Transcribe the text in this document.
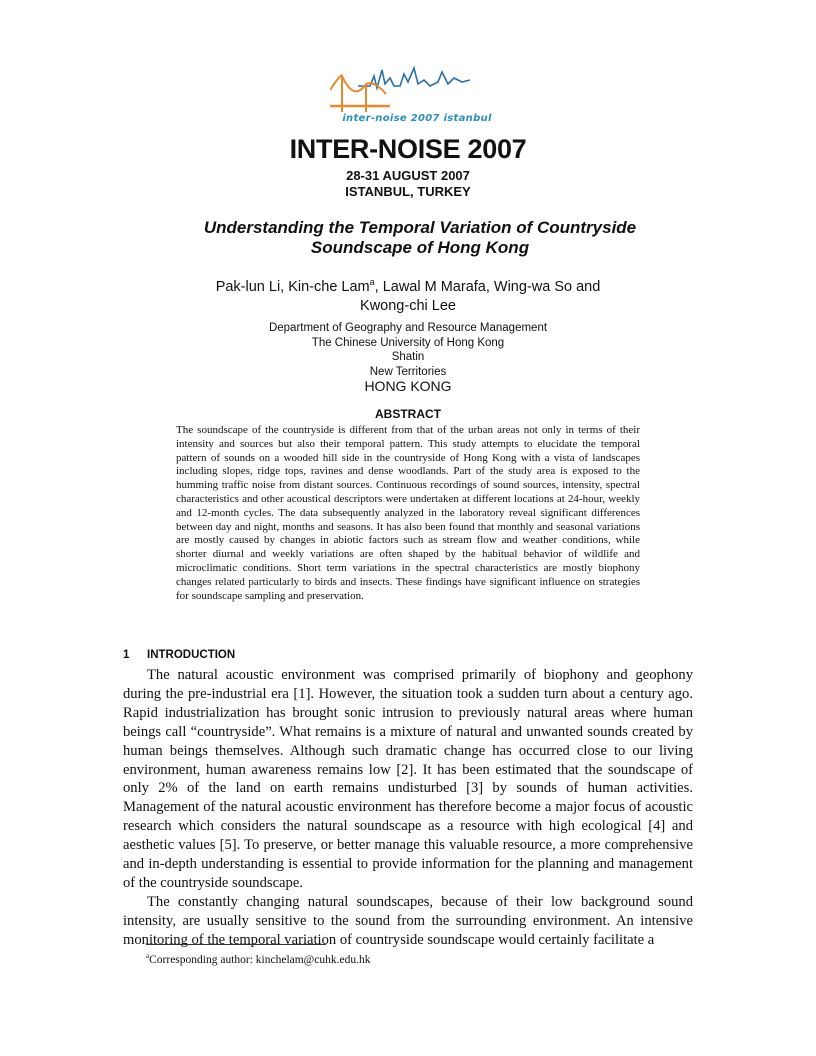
inter-noise 2007 istanbul
INTER-NOISE 2007
28-31 AUGUST 2007
ISTANBUL, TURKEY
Understanding the Temporal Variation of Countryside
Soundscape of Hong Kong
Pak-lun Li, Kin-che Lam$^a$, Lawal M Marafa, Wing-wa So and
Kwong-chi Lee
Department of Geography and Resource Management
The Chinese University of Hong Kong
Shatin
New Territories
HONG KONG
ABSTRACT
The soundscape of the countryside is different from that of the urban areas not only in terms of their intensity and sources but also their temporal pattern. This study attempts to elucidate the temporal pattern of sounds on a wooded hill side in the countryside of Hong Kong with a vista of landscapes including slopes, ridge tops, ravines and dense woodlands. Part of the study area is exposed to the humming traffic noise from distant sources. Continuous recordings of sound sources, intensity, spectral characteristics and other acoustical descriptors were undertaken at different locations at 24-hour, weekly and 12-month cycles. The data subsequently analyzed in the laboratory reveal significant differences between day and night, months and seasons. It has also been found that monthly and seasonal variations are mostly caused by changes in abiotic factors such as stream flow and weather conditions, while shorter diurnal and weekly variations are often shaped by the habitual behavior of wildlife and microclimatic conditions. Short term variations in the spectral characteristics are mostly biophony changes related particularly to birds and insects. These findings have significant influence on strategies for soundscape sampling and preservation.
1 INTRODUCTION

The natural acoustic environment was comprised primarily of biophony and geophony during the pre-industrial era [1]. However, the situation took a sudden turn about a century ago. Rapid industrialization has brought sonic intrusion to previously natural areas where human beings call “countryside”. What remains is a mixture of natural and unwanted sounds created by human beings themselves. Although such dramatic change has occurred close to our living environment, human awareness remains low [2]. It has been estimated that the soundscape of only 2% of the land on earth remains undisturbed [3] by sounds of human activities. Management of the natural acoustic environment has therefore become a major focus of acoustic research which considers the natural soundscape as a resource with high ecological [4] and aesthetic values [5]. To preserve, or better manage this valuable resource, a more comprehensive and in-depth understanding is essential to provide information for the planning and management of the countryside soundscape.

The constantly changing natural soundscapes, because of their low background sound intensity, are usually sensitive to the sound from the surrounding environment. An intensive monitoring of the temporal variation of countryside soundscape would certainly facilitate a

$^a$Corresponding author: kinchelam@cuhk.edu.hk
